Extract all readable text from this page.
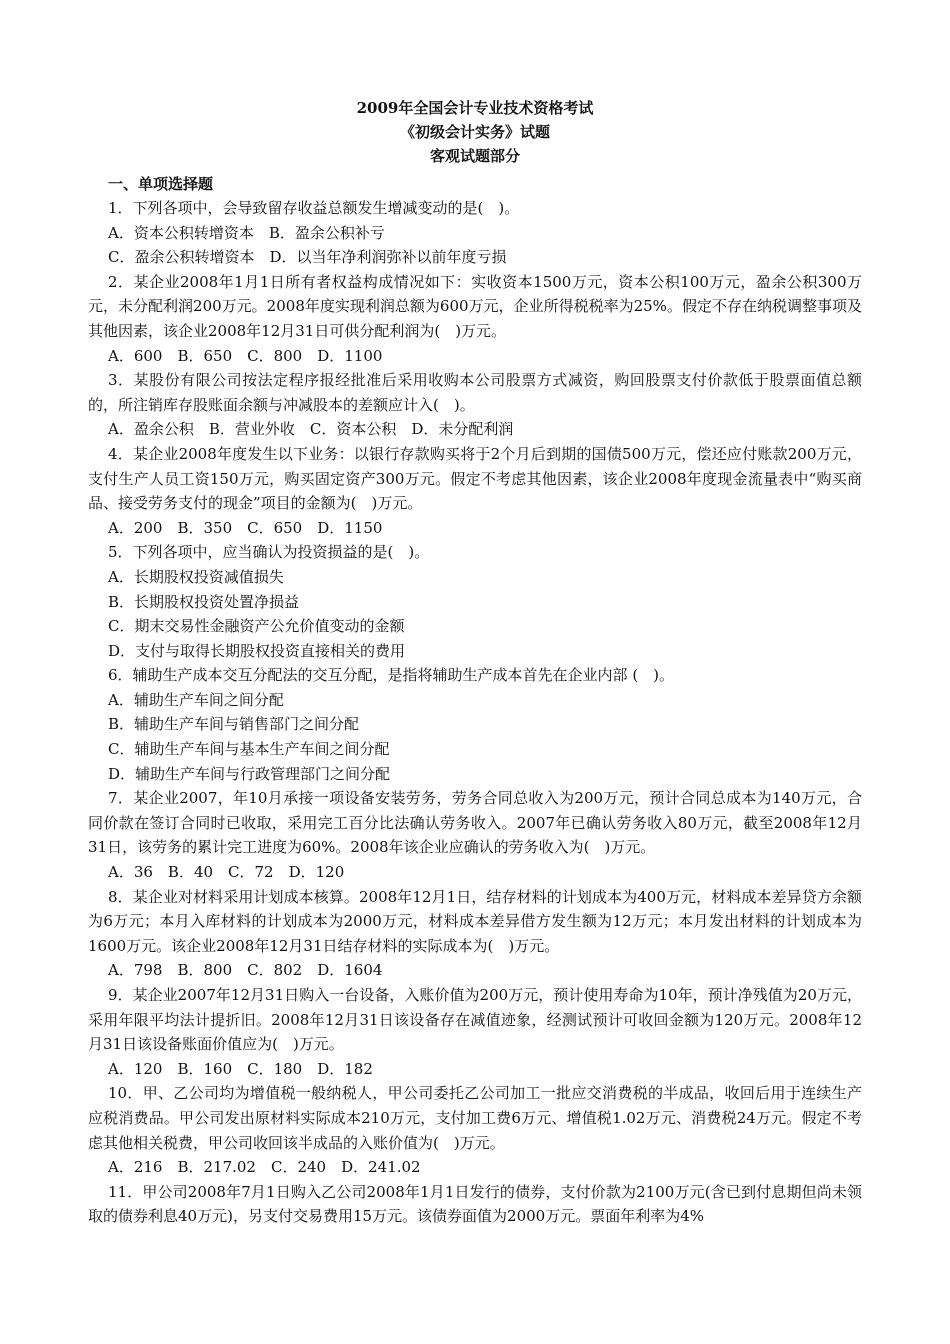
2009年全国会计专业技术资格考试

《初级会计实务》试题

客观试题部分

一、单项选择题

1．下列各项中，会导致留存收益总额发生增减变动的是(　)。

A．资本公积转增资本　B．盈余公积补亏

C．盈余公积转增资本　D．以当年净利润弥补以前年度亏损

2．某企业2008年1月1日所有者权益构成情况如下：实收资本1500万元，资本公积100万元，盈余公积300万元，未分配利润200万元。2008年度实现利润总额为600万元，企业所得税税率为25%。假定不存在纳税调整事项及其他因素，该企业2008年12月31日可供分配利润为(　)万元。

A．600　B．650　C．800　D．1100

3．某股份有限公司按法定程序报经批准后采用收购本公司股票方式减资，购回股票支付价款低于股票面值总额的，所注销库存股账面余额与冲减股本的差额应计入(　)。

A．盈余公积　B．营业外收　C．资本公积　D．未分配利润

4．某企业2008年度发生以下业务：以银行存款购买将于2个月后到期的国债500万元，偿还应付账款200万元，支付生产人员工资150万元，购买固定资产300万元。假定不考虑其他因素，该企业2008年度现金流量表中“购买商品、接受劳务支付的现金”项目的金额为(　)万元。

A．200　B．350　C．650　D．1150

5．下列各项中，应当确认为投资损益的是(　)。

A．长期股权投资减值损失

B．长期股权投资处置净损益

C．期末交易性金融资产公允价值变动的金额

D．支付与取得长期股权投资直接相关的费用

6．辅助生产成本交互分配法的交互分配，是指将辅助生产成本首先在企业内部 (　)。

A．辅助生产车间之间分配

B．辅助生产车间与销售部门之间分配

C．辅助生产车间与基本生产车间之间分配

D．辅助生产车间与行政管理部门之间分配

7．某企业2007，年10月承接一项设备安装劳务，劳务合同总收入为200万元，预计合同总成本为140万元，合同价款在签订合同时已收取，采用完工百分比法确认劳务收入。2007年已确认劳务收入80万元，截至2008年12月31日，该劳务的累计完工进度为60%。2008年该企业应确认的劳务收入为(　)万元。

A．36　B．40　C．72　D．120

8．某企业对材料采用计划成本核算。2008年12月1日，结存材料的计划成本为400万元，材料成本差异贷方余额为6万元；本月入库材料的计划成本为2000万元，材料成本差异借方发生额为12万元；本月发出材料的计划成本为1600万元。该企业2008年12月31日结存材料的实际成本为(　)万元。

A．798　B．800　C．802　D．1604

9．某企业2007年12月31日购入一台设备，入账价值为200万元，预计使用寿命为10年，预计净残值为20万元，采用年限平均法计提折旧。2008年12月31日该设备存在减值迹象，经测试预计可收回金额为120万元。2008年12月31日该设备账面价值应为(　)万元。

A．120　B．160　C．180　D．182

10．甲、乙公司均为增值税一般纳税人，甲公司委托乙公司加工一批应交消费税的半成品，收回后用于连续生产应税消费品。甲公司发出原材料实际成本210万元，支付加工费6万元、增值税1.02万元、消费税24万元。假定不考虑其他相关税费，甲公司收回该半成品的入账价值为(　)万元。

A．216　B．217.02　C．240　D．241.02

11．甲公司2008年7月1日购入乙公司2008年1月1日发行的债券，支付价款为2100万元(含已到付息期但尚未领取的债券利息40万元)，另支付交易费用15万元。该债券面值为2000万元。票面年利率为4%
